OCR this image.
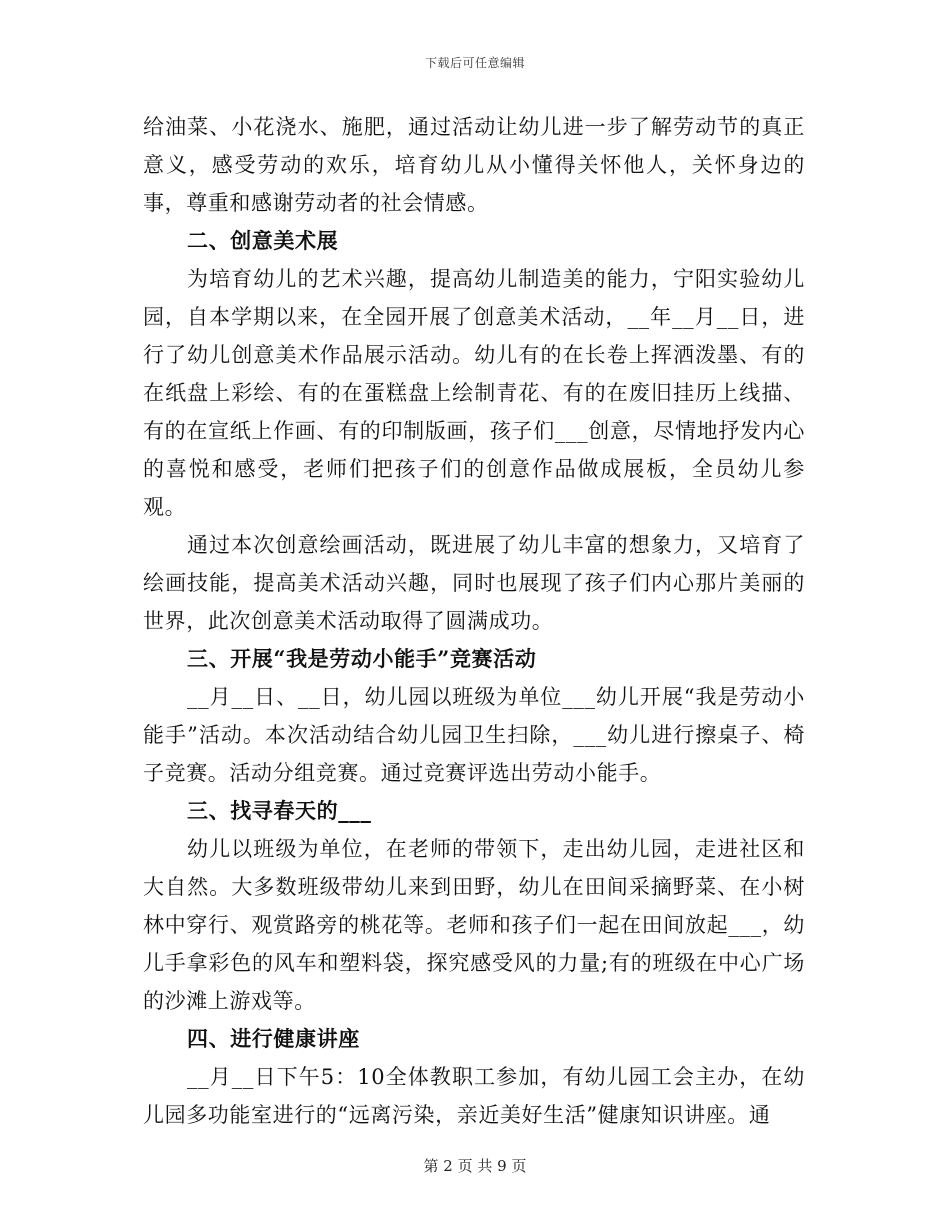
下载后可任意编辑

给油菜、小花浇水、施肥，通过活动让幼儿进一步了解劳动节的真正意义，感受劳动的欢乐，培育幼儿从小懂得关怀他人，关怀身边的事，尊重和感谢劳动者的社会情感。

二、创意美术展

为培育幼儿的艺术兴趣，提高幼儿制造美的能力，宁阳实验幼儿园，自本学期以来，在全园开展了创意美术活动，__年__月__日，进行了幼儿创意美术作品展示活动。幼儿有的在长卷上挥洒泼墨、有的在纸盘上彩绘、有的在蛋糕盘上绘制青花、有的在废旧挂历上线描、有的在宣纸上作画、有的印制版画，孩子们___创意，尽情地抒发内心的喜悦和感受，老师们把孩子们的创意作品做成展板，全员幼儿参观。

通过本次创意绘画活动，既进展了幼儿丰富的想象力，又培育了绘画技能，提高美术活动兴趣，同时也展现了孩子们内心那片美丽的世界，此次创意美术活动取得了圆满成功。

三、开展“我是劳动小能手”竞赛活动

__月__日、__日，幼儿园以班级为单位___幼儿开展“我是劳动小能手”活动。本次活动结合幼儿园卫生扫除，___幼儿进行擦桌子、椅子竞赛。活动分组竞赛。通过竞赛评选出劳动小能手。

三、找寻春天的___

幼儿以班级为单位，在老师的带领下，走出幼儿园，走进社区和大自然。大多数班级带幼儿来到田野，幼儿在田间采摘野菜、在小树林中穿行、观赏路旁的桃花等。老师和孩子们一起在田间放起___，幼儿手拿彩色的风车和塑料袋，探究感受风的力量;有的班级在中心广场的沙滩上游戏等。

四、进行健康讲座

__月__日下午5：10全体教职工参加，有幼儿园工会主办，在幼儿园多功能室进行的“远离污染，亲近美好生活”健康知识讲座。通

第 2 页 共 9 页
